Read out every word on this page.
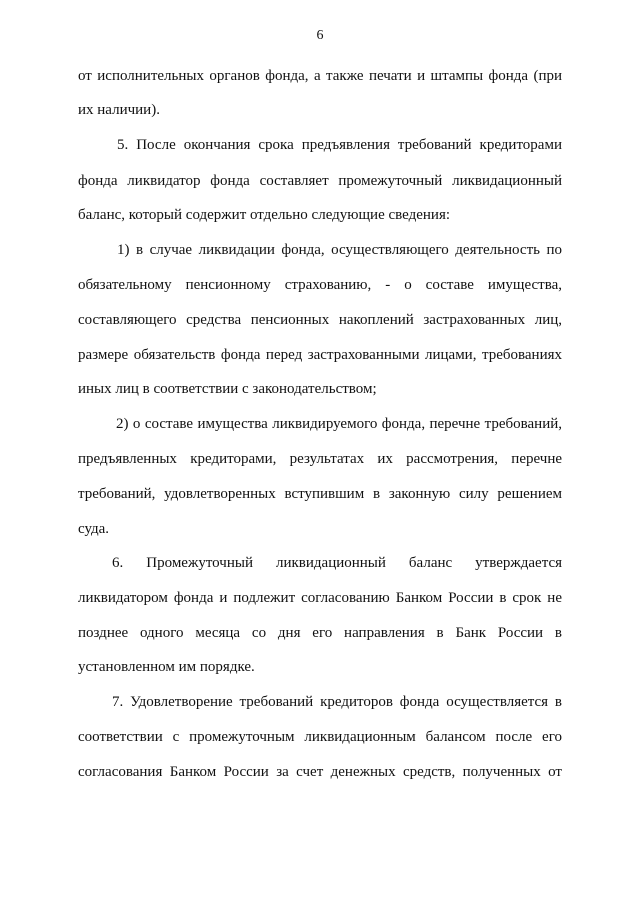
6
от исполнительных органов фонда, а также печати и штампы фонда (при
их наличии).
5. После окончания срока предъявления требований кредиторами
фонда ликвидатор фонда составляет промежуточный ликвидационный
баланс, который содержит отдельно следующие сведения:
1) в случае ликвидации фонда, осуществляющего деятельность по
обязательному пенсионному страхованию, - о составе имущества,
составляющего средства пенсионных накоплений застрахованных лиц,
размере обязательств фонда перед застрахованными лицами, требованиях
иных лиц в соответствии с законодательством;
2) о составе имущества ликвидируемого фонда, перечне требований,
предъявленных кредиторами, результатах их рассмотрения, перечне
требований, удовлетворенных вступившим в законную силу решением
суда.
6. Промежуточный ликвидационный баланс утверждается
ликвидатором фонда и подлежит согласованию Банком России в срок не
позднее одного месяца со дня его направления в Банк России в
установленном им порядке.
7. Удовлетворение требований кредиторов фонда осуществляется в
соответствии с промежуточным ликвидационным балансом после его
согласования Банком России за счет денежных средств, полученных от
